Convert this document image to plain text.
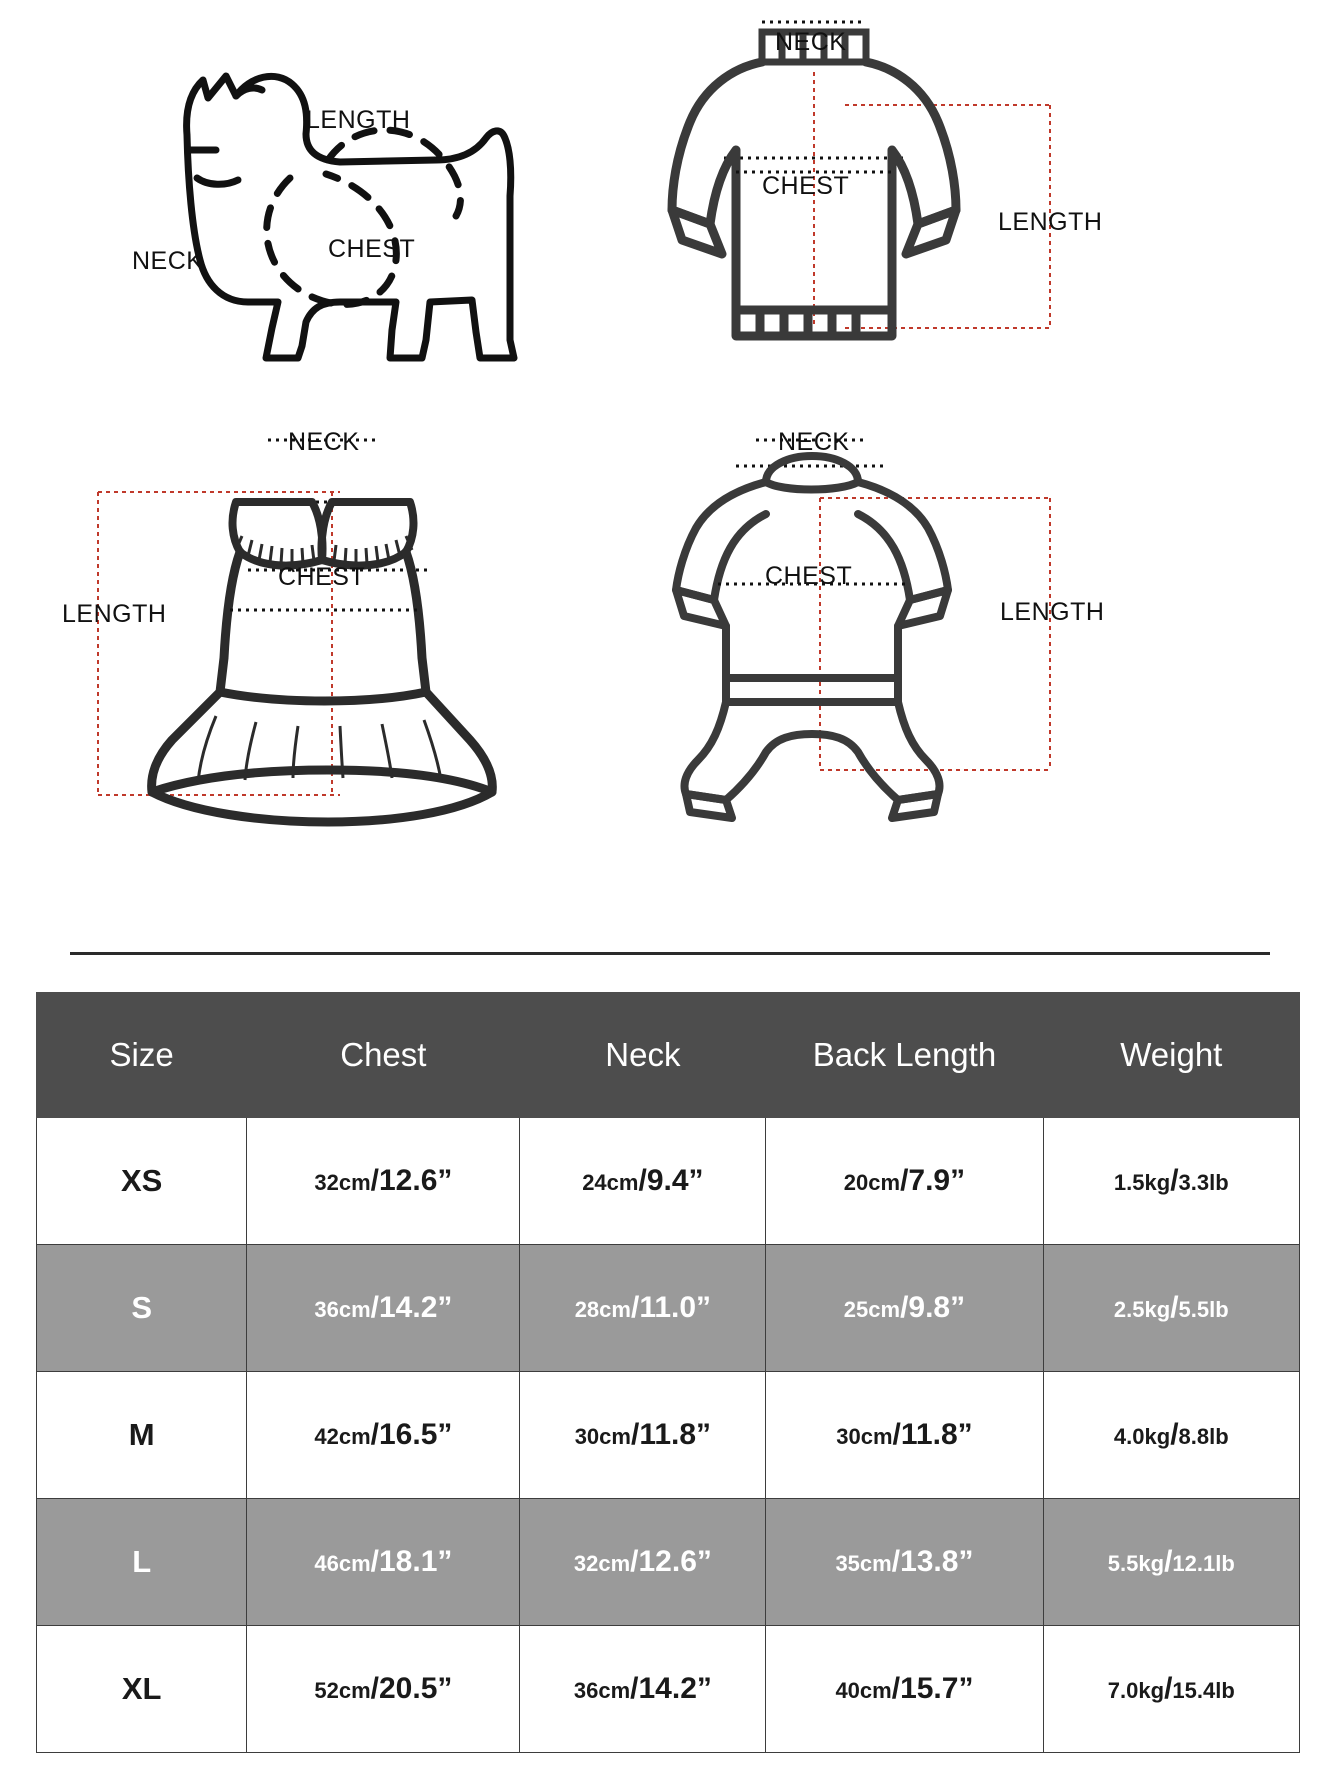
LENGTH
CHEST
NECK
NECK
CHEST
LENGTH
NECK
CHEST
LENGTH
NECK
CHEST
LENGTH
Size	Chest	Neck	Back Length	Weight
XS	32cm/12.6”	24cm/9.4”	20cm/7.9”	1.5kg/3.3lb
S	36cm/14.2”	28cm/11.0”	25cm/9.8”	2.5kg/5.5lb
M	42cm/16.5”	30cm/11.8”	30cm/11.8”	4.0kg/8.8lb
L	46cm/18.1”	32cm/12.6”	35cm/13.8”	5.5kg/12.1lb
XL	52cm/20.5”	36cm/14.2”	40cm/15.7”	7.0kg/15.4lb
